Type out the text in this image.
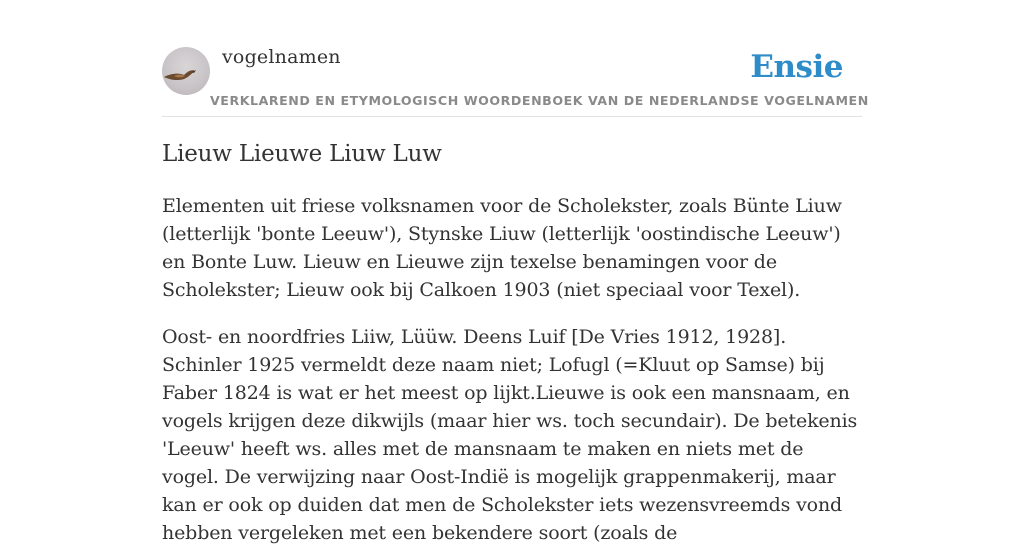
vogelnamen	Ensie
VERKLAREND EN ETYMOLOGISCH WOORDENBOEK VAN DE NEDERLANDSE VOGELNAMEN
Lieuw Lieuwe Liuw Luw

Elementen uit friese volksnamen voor de Scholekster, zoals Bünte Liuw (letterlijk 'bonte Leeuw'), Stynske Liuw (letterlijk 'oostindische Leeuw') en Bonte Luw. Lieuw en Lieuwe zijn texelse benamingen voor de Scholekster; Lieuw ook bij Calkoen 1903 (niet speciaal voor Texel).

Oost- en noordfries Liiw, Lüüw. Deens Luif [De Vries 1912, 1928]. Schinler 1925 vermeldt deze naam niet; Lofugl (=Kluut op Samse) bij Faber 1824 is wat er het meest op lijkt.Lieuwe is ook een mansnaam, en vogels krijgen deze dikwijls (maar hier ws. toch secundair). De betekenis 'Leeuw' heeft ws. alles met de mansnaam te maken en niets met de vogel. De verwijzing naar Oost-Indië is mogelijk grappenmakerij, maar kan er ook op duiden dat men de Scholekster iets wezensvreemds vond hebben vergeleken met een bekendere soort (zoals de
